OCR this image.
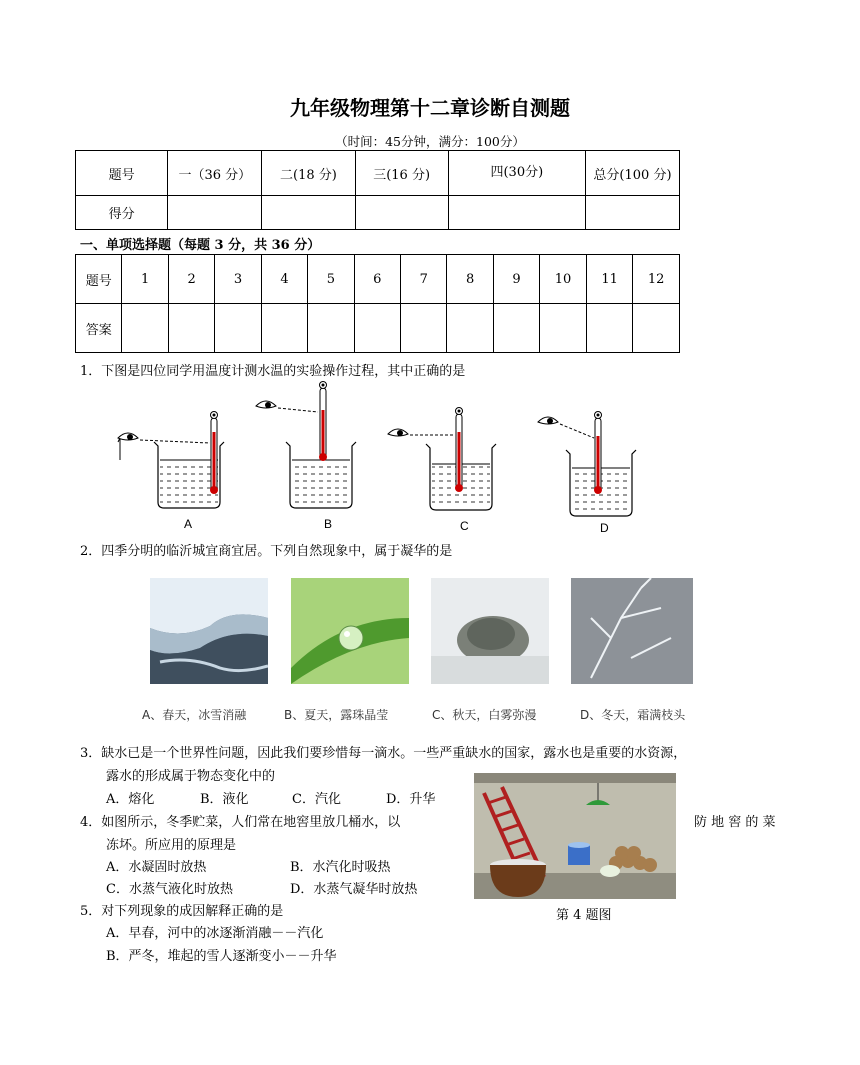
九年级物理第十二章诊断自测题
（时间：45分钟，满分：100分）
题号	一（36 分）	二(18 分)	三(16 分)	四(30分)	总分(100 分)
得分					
一、单项选择题（每题 3 分，共 36 分）
题号	1	2	3	4	5	6	7	8	9	10	11	12
答案												
1．下图是四位同学用温度计测水温的实验操作过程，其中正确的是
A	B	C	D
2．四季分明的临沂城宜商宜居。下列自然现象中，属于凝华的是
A、春天，冰雪消融	B、夏天，露珠晶莹	C、秋天，白雾弥漫	D、冬天，霜满枝头
3．缺水已是一个世界性问题，因此我们要珍惜每一滴水。一些严重缺水的国家，露水也是重要的水资源，
露水的形成属于物态变化中的
A．熔化	B．液化	C．汽化	D．升华
4．如图所示，冬季贮菜，人们常在地窖里放几桶水，以	防 地 窖 的 菜
冻坏。所应用的原理是
A．水凝固时放热	B．水汽化时吸热
C．水蒸气液化时放热	D．水蒸气凝华时放热
第 4 题图
5．对下列现象的成因解释正确的是
A．早春，河中的冰逐渐消融－－汽化
B．严冬，堆起的雪人逐渐变小－－升华
